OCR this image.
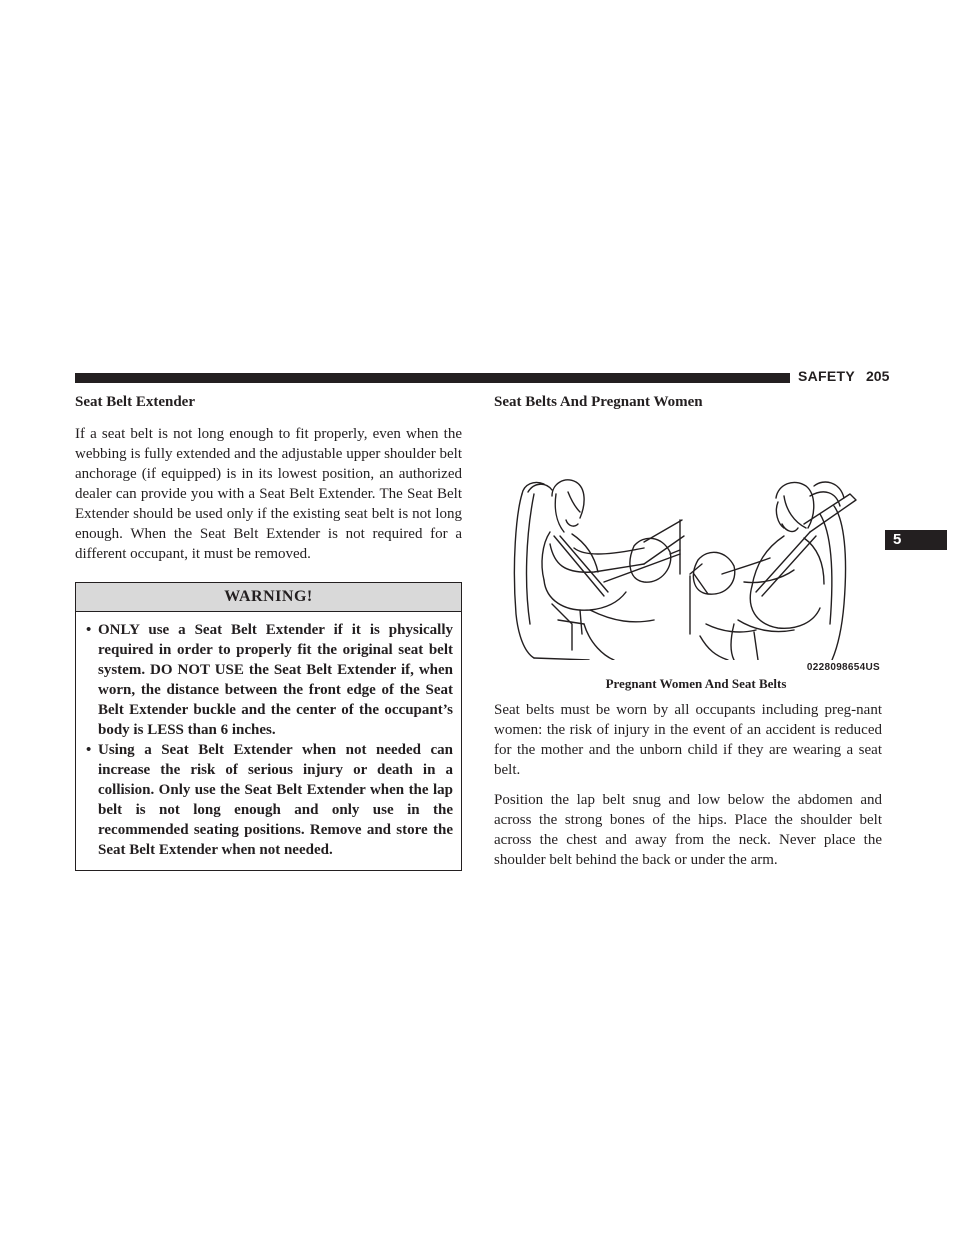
SAFETY 205
5
Seat Belt Extender
If a seat belt is not long enough to fit properly, even when the webbing is fully extended and the adjustable upper shoulder belt anchorage (if equipped) is in its lowest position, an authorized dealer can provide you with a Seat Belt Extender. The Seat Belt Extender should be used only if the existing seat belt is not long enough. When the Seat Belt Extender is not required for a different occupant, it must be removed.
WARNING!
• ONLY use a Seat Belt Extender if it is physically required in order to properly fit the original seat belt system. DO NOT USE the Seat Belt Extender if, when worn, the distance between the front edge of the Seat Belt Extender buckle and the center of the occupant’s body is LESS than 6 inches.
• Using a Seat Belt Extender when not needed can increase the risk of serious injury or death in a collision. Only use the Seat Belt Extender when the lap belt is not long enough and only use in the recommended seating positions. Remove and store the Seat Belt Extender when not needed.
Seat Belts And Pregnant Women
0228098654US
Pregnant Women And Seat Belts
Seat belts must be worn by all occupants including preg-nant women: the risk of injury in the event of an accident is reduced for the mother and the unborn child if they are wearing a seat belt.
Position the lap belt snug and low below the abdomen and across the strong bones of the hips. Place the shoulder belt across the chest and away from the neck. Never place the shoulder belt behind the back or under the arm.
